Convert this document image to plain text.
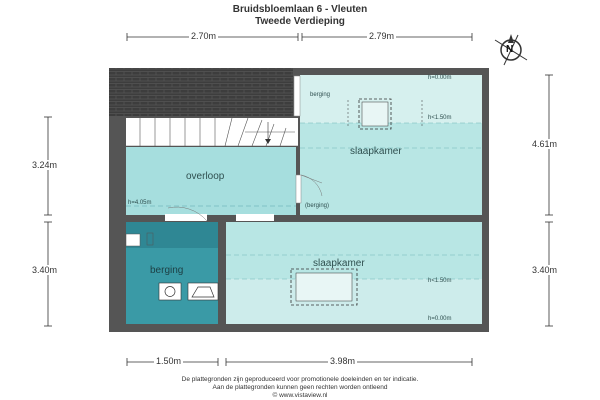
Bruidsbloemlaan 6 - Vleuten
Tweede Verdieping
N
2.70m	2.79m
1.50m	3.98m
3.24m
3.40m
4.61m
3.40m
overloop
slaapkamer
slaapkamer
berging
berging
(berging)
h=0.00m
h<1.50m
h=4.05m
h<1.50m
h=0.00m
De plattegronden zijn geproduceerd voor promotionele doeleinden en ter indicatie.
Aan de plattegronden kunnen geen rechten worden ontleend
© www.vistaview.nl
